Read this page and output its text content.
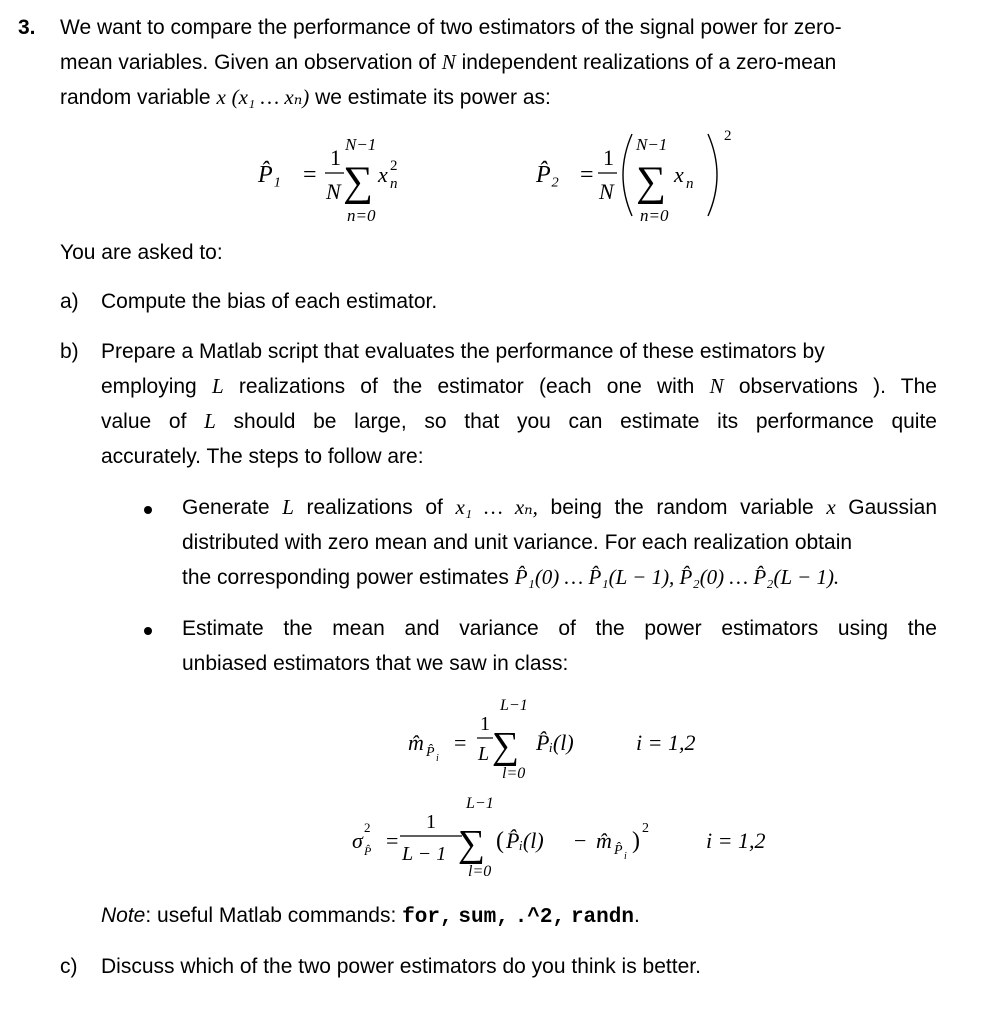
3. We want to compare the performance of two estimators of the signal power for zero-
mean variables. Given an observation of N independent realizations of a zero-mean
random variable x (x₁ … xₙ) we estimate its power as:
P̂₁ =
1
N
N−1
∑
n=0
x 2
n	P̂₂ =
1
N
N−1
∑
n=0
x n
2
You are asked to:
a) Compute the bias of each estimator.
b) Prepare a Matlab script that evaluates the performance of these estimators by
employing L realizations of the estimator (each one with N observations ). The
value of L should be large, so that you can estimate its performance quite
accurately. The steps to follow are:
Generate L realizations of x₁ … xₙ, being the random variable x Gaussian
distributed with zero mean and unit variance. For each realization obtain
the corresponding power estimates P̂₁(0) … P̂₁(L − 1), P̂₂(0) … P̂₂(L − 1).
Estimate the mean and variance of the power estimators using the
unbiased estimators that we saw in class:
m̂ P̂ i
=
1
L
L−1
∑
l=0
P̂ᵢ(l)	i = 1,2
σ
2
P̂ =
1
L − 1
L−1
∑
l=0
( P̂ᵢ(l) − m̂ P̂ i
) 2	i = 1,2
Note: useful Matlab commands: for, sum, .^2, randn.
c) Discuss which of the two power estimators do you think is better.
